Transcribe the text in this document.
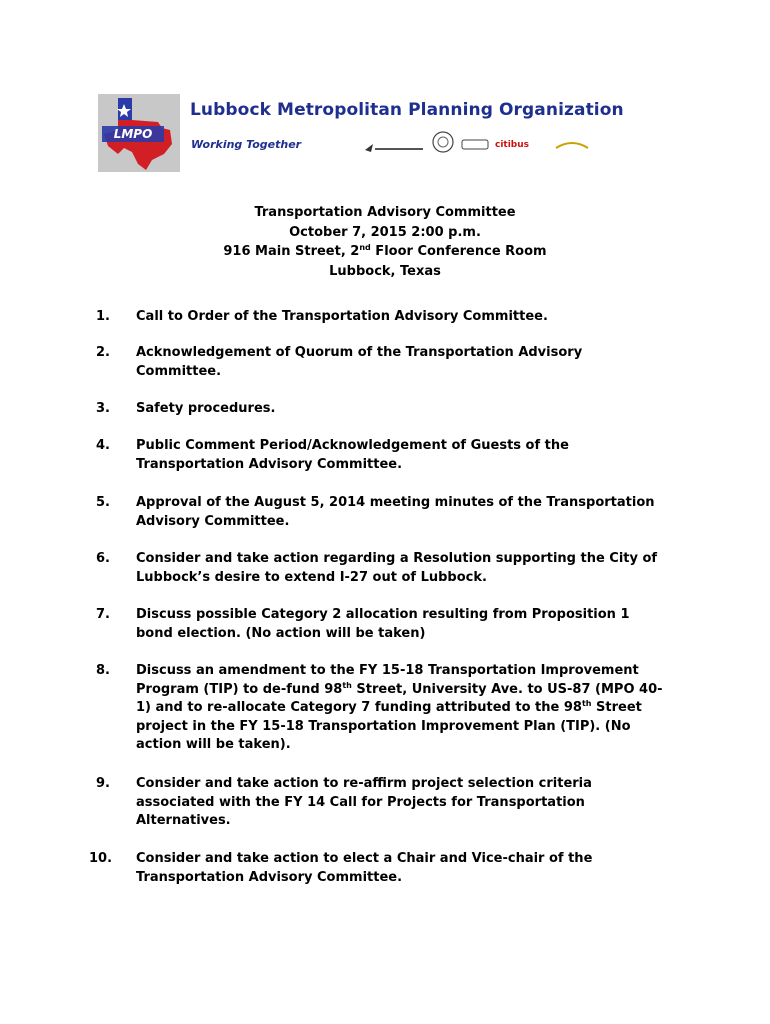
LMPO
Lubbock Metropolitan Planning Organization
Working Together	citibus
Transportation Advisory Committee
October 7, 2015 2:00 p.m.
916 Main Street, 2nd Floor Conference Room
Lubbock, Texas
1. Call to Order of the Transportation Advisory Committee.
2. Acknowledgement of Quorum of the Transportation Advisory Committee.
3. Safety procedures.
4. Public Comment Period/Acknowledgement of Guests of the Transportation Advisory Committee.
5. Approval of the August 5, 2014 meeting minutes of the Transportation Advisory Committee.
6. Consider and take action regarding a Resolution supporting the City of Lubbock’s desire to extend I-27 out of Lubbock.
7. Discuss possible Category 2 allocation resulting from Proposition 1 bond election. (No action will be taken)
8. Discuss an amendment to the FY 15-18 Transportation Improvement Program (TIP) to de-fund 98th Street, University Ave. to US-87 (MPO 40-1) and to re-allocate Category 7 funding attributed to the 98th Street project in the FY 15-18 Transportation Improvement Plan (TIP). (No action will be taken).
9. Consider and take action to re-affirm project selection criteria associated with the FY 14 Call for Projects for Transportation Alternatives.
10. Consider and take action to elect a Chair and Vice-chair of the Transportation Advisory Committee.
